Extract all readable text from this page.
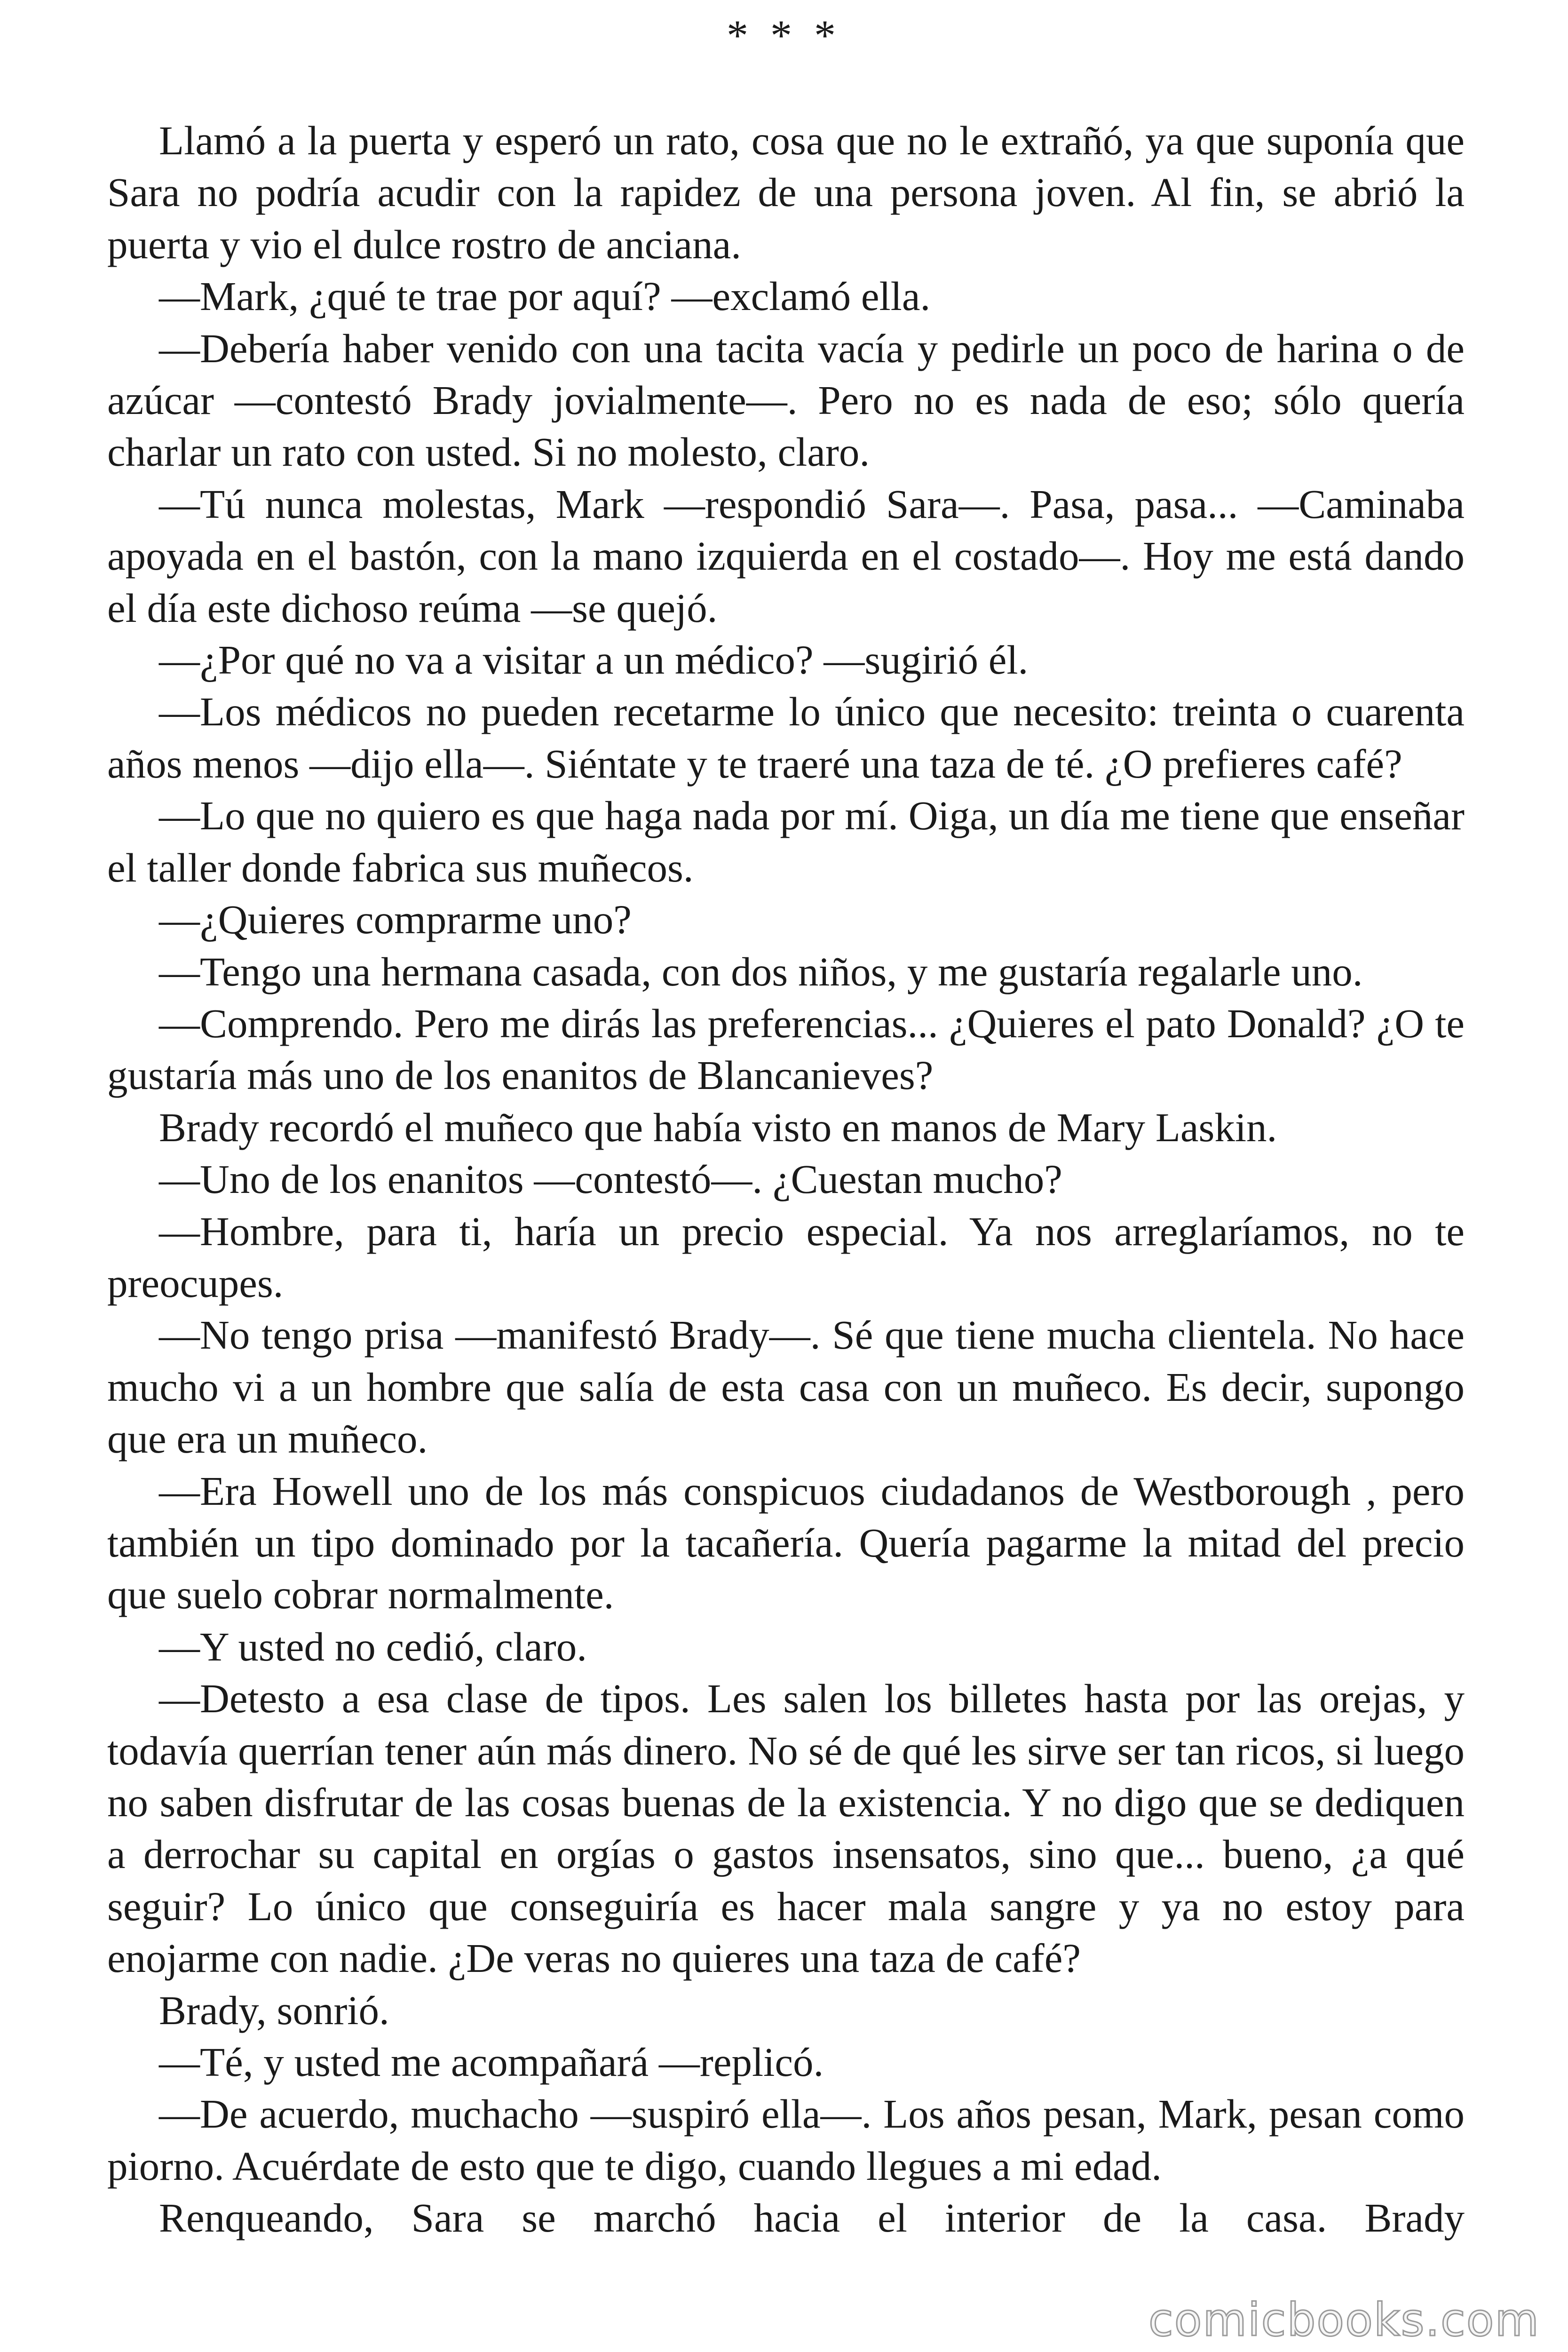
* * *

Llamó a la puerta y esperó un rato, cosa que no le extrañó, ya que suponía que Sara no podría acudir con la rapidez de una persona joven. Al fin, se abrió la puerta y vio el dulce rostro de anciana.

—Mark, ¿qué te trae por aquí? —exclamó ella.

—Debería haber venido con una tacita vacía y pedirle un poco de harina o de azúcar —contestó Brady jovialmente—. Pero no es nada de eso; sólo quería charlar un rato con usted. Si no molesto, claro.

—Tú nunca molestas, Mark —respondió Sara—. Pasa, pasa... —Caminaba apoyada en el bastón, con la mano izquierda en el costado—. Hoy me está dando el día este dichoso reúma —se quejó.

—¿Por qué no va a visitar a un médico? —sugirió él.

—Los médicos no pueden recetarme lo único que necesito: treinta o cuarenta años menos —dijo ella—. Siéntate y te traeré una taza de té. ¿O prefieres café?

—Lo que no quiero es que haga nada por mí. Oiga, un día me tiene que enseñar el taller donde fabrica sus muñecos.

—¿Quieres comprarme uno?

—Tengo una hermana casada, con dos niños, y me gustaría regalarle uno.

—Comprendo. Pero me dirás las preferencias... ¿Quieres el pato Donald? ¿O te gustaría más uno de los enanitos de Blancanieves?

Brady recordó el muñeco que había visto en manos de Mary Laskin.

—Uno de los enanitos —contestó—. ¿Cuestan mucho?

—Hombre, para ti, haría un precio especial. Ya nos arreglaríamos, no te preocupes.

—No tengo prisa —manifestó Brady—. Sé que tiene mucha clientela. No hace mucho vi a un hombre que salía de esta casa con un muñeco. Es decir, supongo que era un muñeco.

—Era Howell uno de los más conspicuos ciudadanos de Westborough , pero también un tipo dominado por la tacañería. Quería pagarme la mitad del precio que suelo cobrar normalmente.

—Y usted no cedió, claro.

—Detesto a esa clase de tipos. Les salen los billetes hasta por las orejas, y todavía querrían tener aún más dinero. No sé de qué les sirve ser tan ricos, si luego no saben disfrutar de las cosas buenas de la existencia. Y no digo que se dediquen a derrochar su capital en orgías o gastos insensatos, sino que... bueno, ¿a qué seguir? Lo único que conseguiría es hacer mala sangre y ya no estoy para enojarme con nadie. ¿De veras no quieres una taza de café?

Brady, sonrió.

—Té, y usted me acompañará —replicó.

—De acuerdo, muchacho —suspiró ella—. Los años pesan, Mark, pesan como piorno. Acuérdate de esto que te digo, cuando llegues a mi edad.

Renqueando, Sara se marchó hacia el interior de la casa. Brady

comicbooks.com
